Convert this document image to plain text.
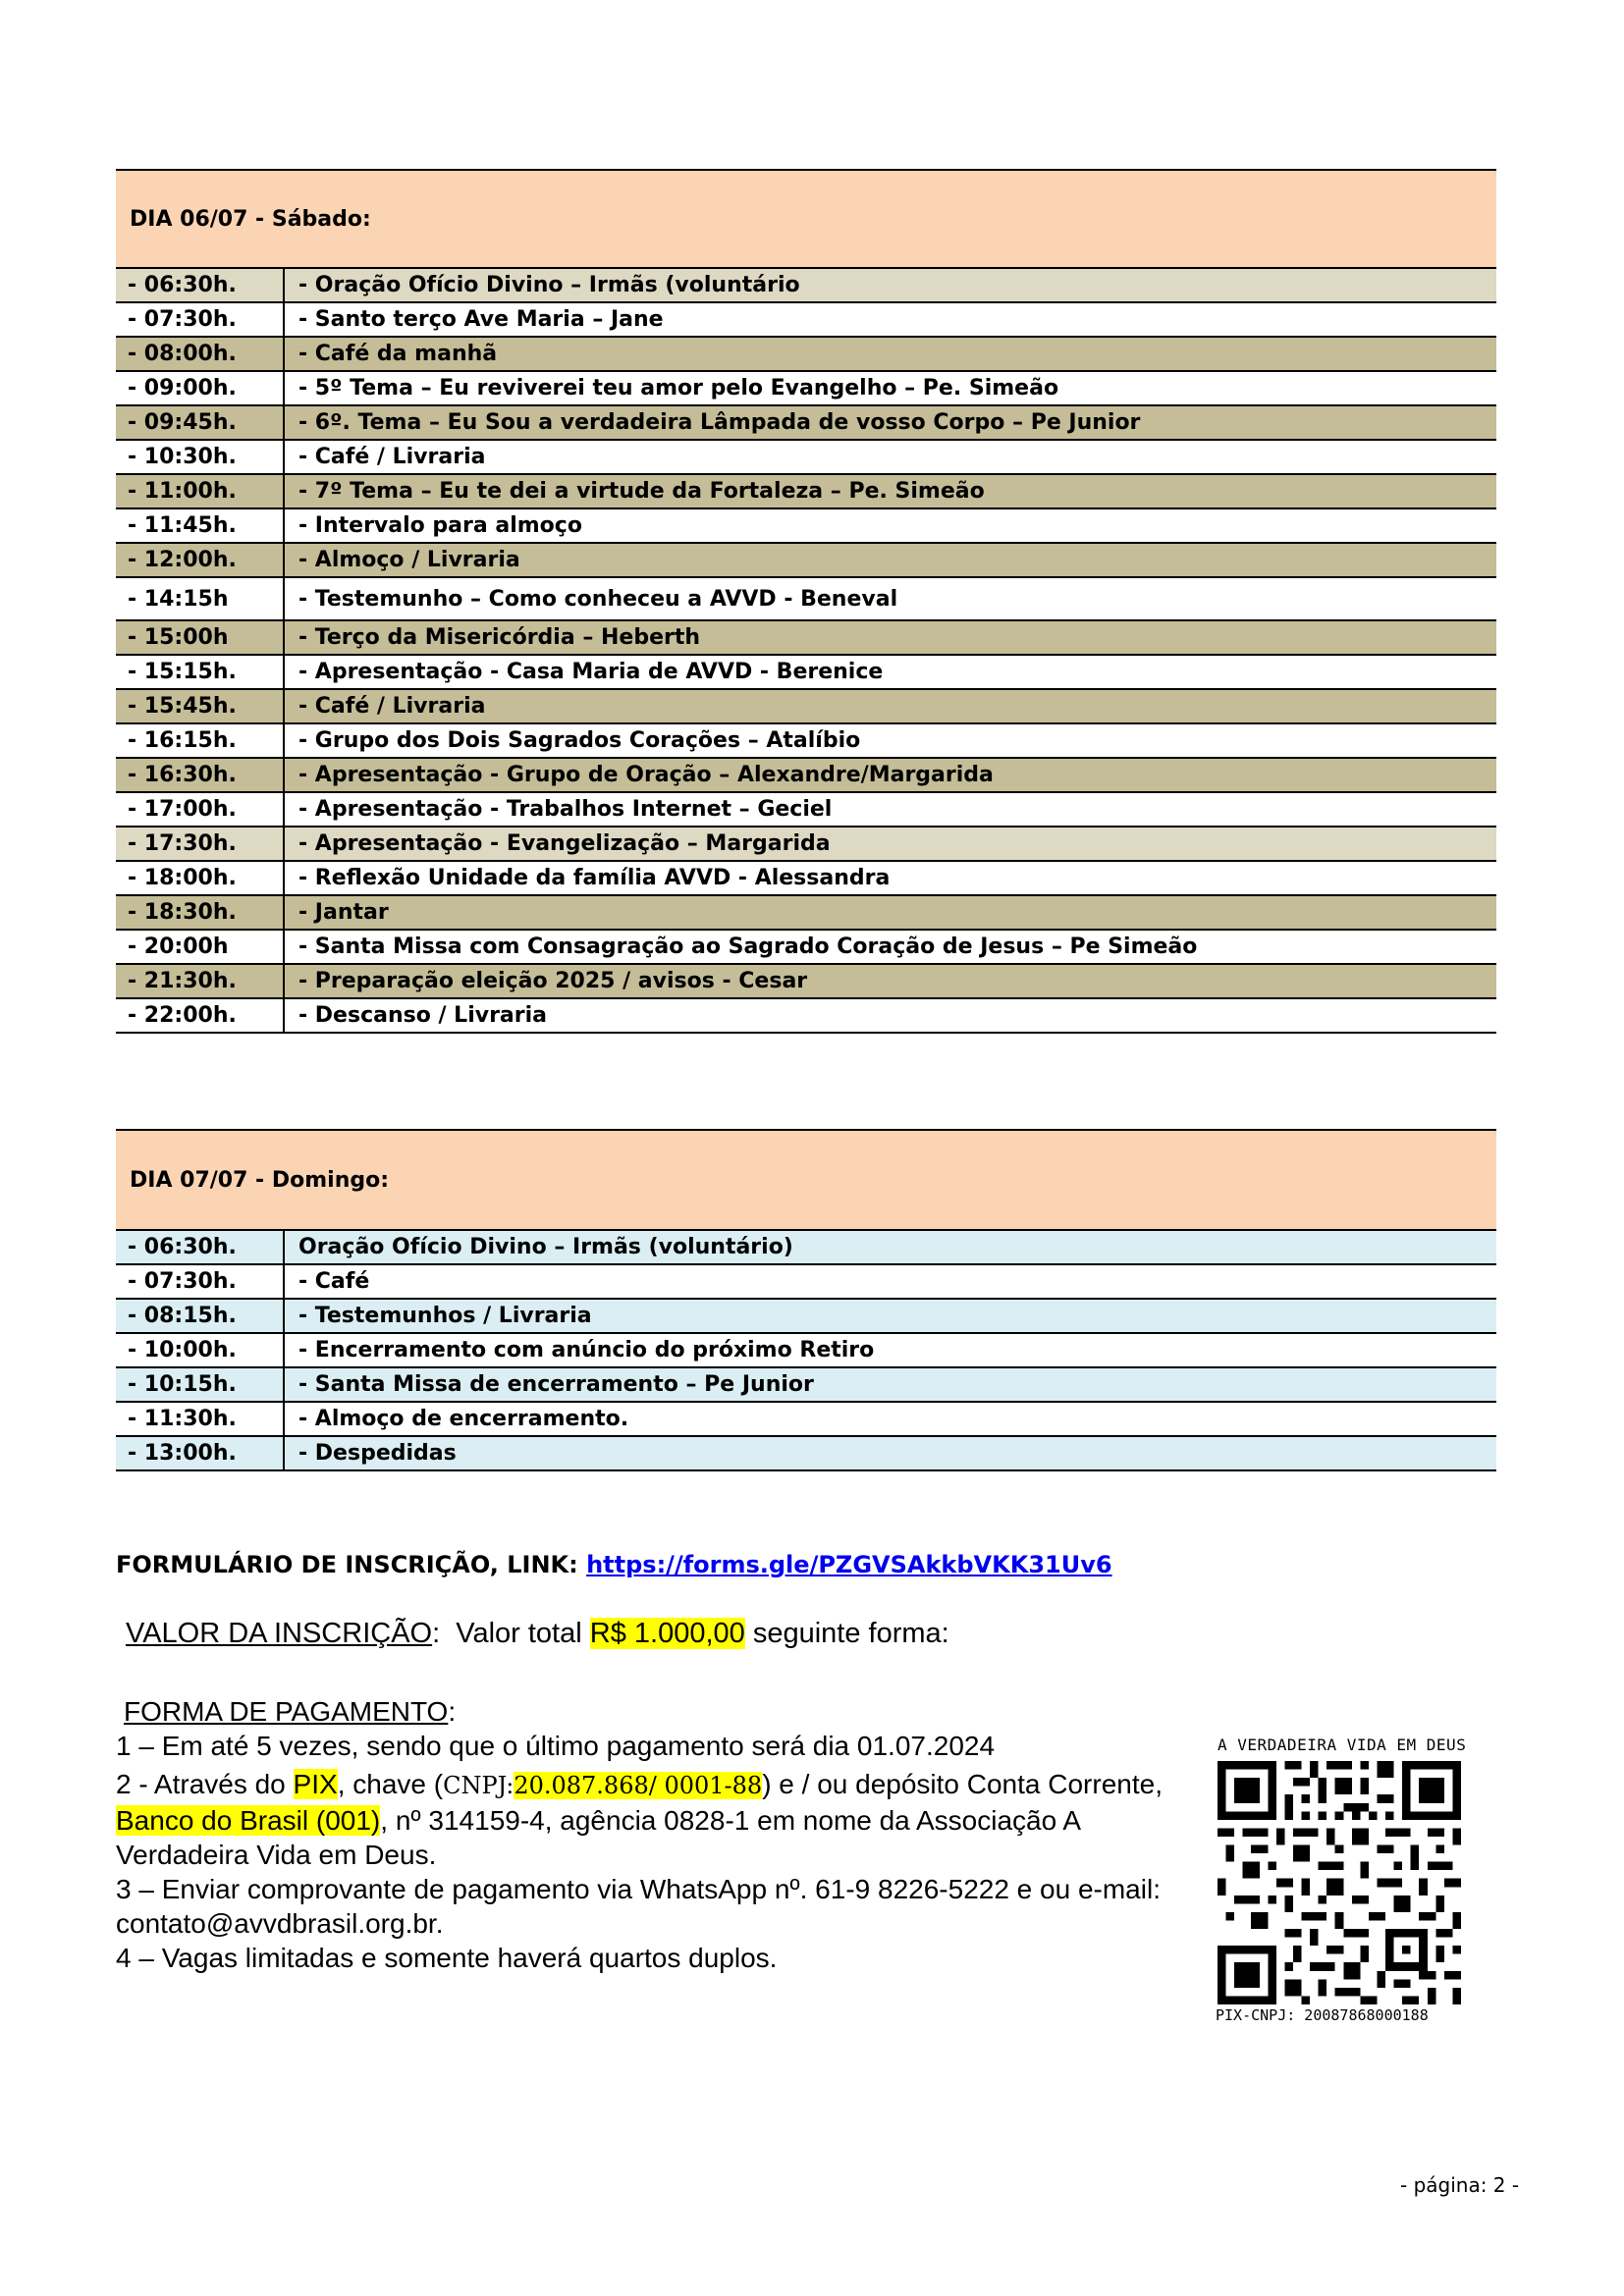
DIA 06/07 - Sábado:	
- 06:30h.	- Oração Ofício Divino – Irmãs (voluntário
- 07:30h.	- Santo terço Ave Maria – Jane
- 08:00h.	- Café da manhã
- 09:00h.	- 5º Tema – Eu reviverei teu amor pelo Evangelho – Pe. Simeão
- 09:45h.	- 6º. Tema – Eu Sou a verdadeira Lâmpada de vosso Corpo – Pe Junior
- 10:30h.	- Café / Livraria
- 11:00h.	- 7º Tema – Eu te dei a virtude da Fortaleza – Pe. Simeão
- 11:45h.	- Intervalo para almoço
- 12:00h.	- Almoço / Livraria
- 14:15h	- Testemunho – Como conheceu a AVVD - Beneval
- 15:00h	- Terço da Misericórdia – Heberth
- 15:15h.	- Apresentação - Casa Maria de AVVD - Berenice
- 15:45h.	- Café / Livraria
- 16:15h.	- Grupo dos Dois Sagrados Corações – Atalíbio
- 16:30h.	- Apresentação - Grupo de Oração – Alexandre/Margarida
- 17:00h.	- Apresentação - Trabalhos Internet – Geciel
- 17:30h.	- Apresentação - Evangelização – Margarida
- 18:00h.	- Reflexão Unidade da família AVVD - Alessandra
- 18:30h.	- Jantar
- 20:00h	- Santa Missa com Consagração ao Sagrado Coração de Jesus – Pe Simeão
- 21:30h.	- Preparação eleição 2025 / avisos - Cesar
- 22:00h.	- Descanso / Livraria
DIA 07/07 - Domingo:	
- 06:30h.	Oração Ofício Divino – Irmãs (voluntário)
- 07:30h.	- Café
- 08:15h.	- Testemunhos / Livraria
- 10:00h.	- Encerramento com anúncio do próximo Retiro
- 10:15h.	- Santa Missa de encerramento – Pe Junior
- 11:30h.	- Almoço de encerramento.
- 13:00h.	- Despedidas
FORMULÁRIO DE INSCRIÇÃO, LINK: https://forms.gle/PZGVSAkkbVKK31Uv6
VALOR DA INSCRIÇÃO:  Valor total R$ 1.000,00 seguinte forma:

FORMA DE PAGAMENTO:

1 – Em até 5 vezes, sendo que o último pagamento será dia 01.07.2024

2 - Através do PIX, chave (CNPJ:20.087.868/ 0001-88) e / ou depósito Conta Corrente, Banco do Brasil (001), nº 314159-4, agência 0828-1 em nome da Associação A Verdadeira Vida em Deus.

3 – Enviar comprovante de pagamento via WhatsApp nº. 61-9 8226-5222 e ou e-mail: contato@avvdbrasil.org.br.

4 – Vagas limitadas e somente haverá quartos duplos.

A VERDADEIRA VIDA EM DEUS
PIX-CNPJ: 20087868000188
- página: 2 -
